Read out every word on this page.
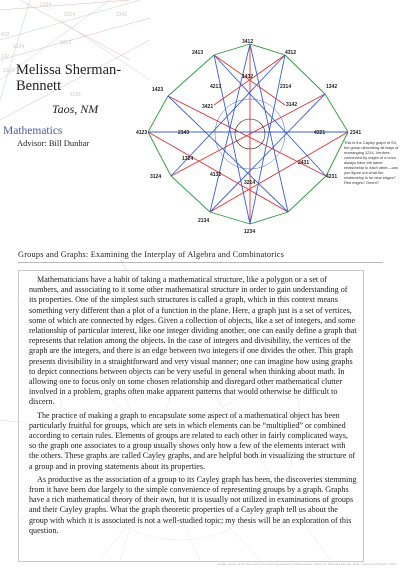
2314
3124
132
2341
4312
4231
2134
1324
412
Melissa Sherman-Bennett
Taos, NM
Mathematics
Advisor: Bill Dunbar
3412
2413	4312
1423
1432
4213	2314	1342
3421	3142
2143
4123	4321	2341
1324
2431
3124	4132
3214
4231
2134
1234
This is the Cayley graph of S4, the group describing all ways of rearranging 1234. Vertices connected by edges of a color always have the same relationship to each other—can you figure out what the relationship is for blue edges? Red edges? Green?
Groups and Graphs: Examining the Interplay of Algebra and Combinatorics

Mathematicians have a habit of taking a mathematical structure, like a polygon or a set of numbers, and associating to it some other mathematical structure in order to gain understanding of its properties. One of the simplest such structures is called a graph, which in this context means something very different than a plot of a function in the plane. Here, a graph just is a set of vertices, some of which are connected by edges. Given a collection of objects, like a set of integers, and some relationship of particular interest, like one integer dividing another, one can easily define a graph that represents that relation among the objects. In the case of integers and divisibility, the vertices of the graph are the integers, and there is an edge between two integers if one divides the other. This graph presents divisibility in a straightforward and very visual manner; one can imagine how using graphs to depict connections between objects can be very useful in general when thinking about math. In allowing one to focus only on some chosen relationship and disregard other mathematical clutter involved in a problem, graphs often make apparent patterns that would otherwise be difficult to discern.

The practice of making a graph to encapsulate some aspect of a mathematical object has been particularly fruitful for groups, which are sets in which elements can be “multiplied” or combined according to certain rules. Elements of groups are related to each other in fairly complicated ways, so the graph one associates to a group usually shows only how a few of the elements interact with the others. These graphs are called Cayley graphs, and are helpful both in visualizing the structure of a group and in proving statements about its properties.

As productive as the association of a group to its Cayley graph has been, the discoveries stemming from it have been due largely to the simple convenience of representing groups by a graph. Graphs have a rich mathematical theory of their own, but it is usually not utilized in examinations of groups and their Cayley graphs. What the graph theoretic properties of a Cayley graph tell us about the group with which it is associated is not a well-studied topic; my thesis will be an exploration of this question.

Image: Cayley of the Symmetric Group S4 (generated by Mathematica). Photo: M. Sherman-Bennett. Book: Groups and Graphs, 2014
